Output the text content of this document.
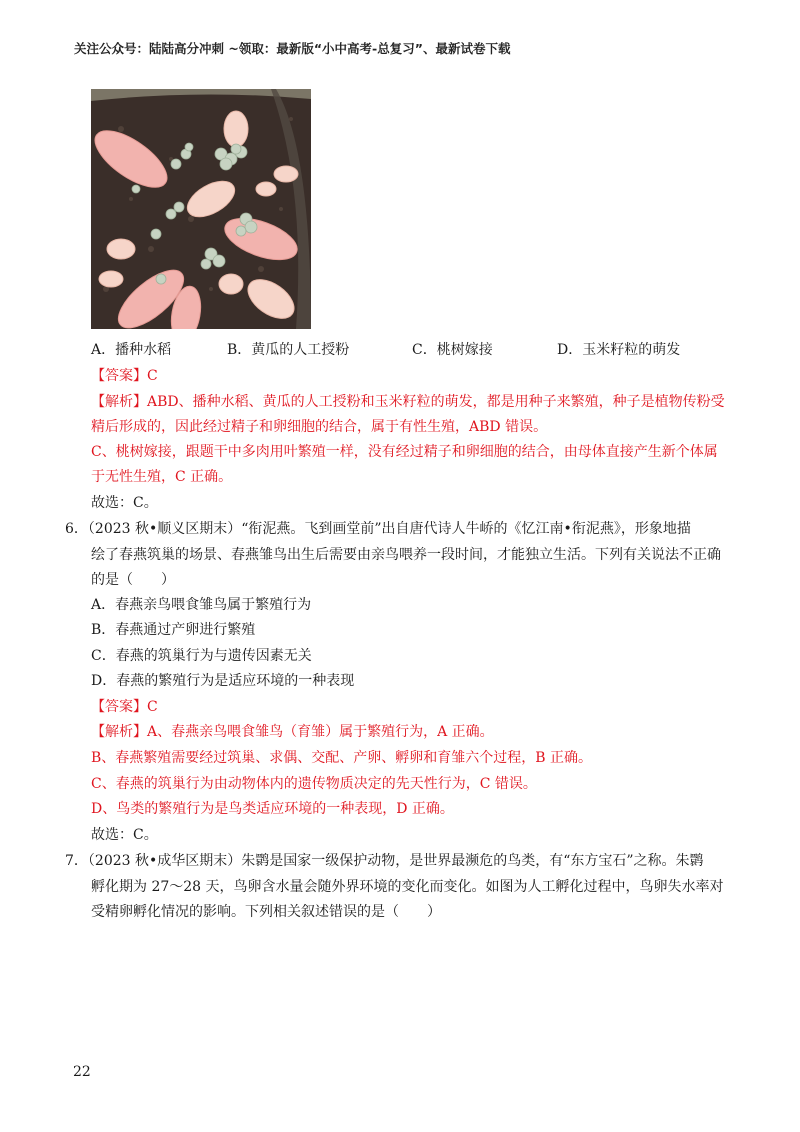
关注公众号：陆陆高分冲刺 ~领取：最新版“小中高考-总复习”、最新试卷下载
A．播种水稻	B．黄瓜的人工授粉	C．桃树嫁接	D．玉米籽粒的萌发
【答案】C
【解析】ABD、播种水稻、黄瓜的人工授粉和玉米籽粒的萌发，都是用种子来繁殖，种子是植物传粉受
精后形成的，因此经过精子和卵细胞的结合，属于有性生殖，ABD 错误。
C、桃树嫁接，跟题干中多肉用叶繁殖一样，没有经过精子和卵细胞的结合，由母体直接产生新个体属
于无性生殖，C 正确。
故选：C。
6．（2023 秋•顺义区期末）“衔泥燕。飞到画堂前”出自唐代诗人牛峤的《忆江南•衔泥燕》，形象地描
绘了春燕筑巢的场景、春燕雏鸟出生后需要由亲鸟喂养一段时间，才能独立生活。下列有关说法不正确
的是（　　）
A．春燕亲鸟喂食雏鸟属于繁殖行为
B．春燕通过产卵进行繁殖
C．春燕的筑巢行为与遗传因素无关
D．春燕的繁殖行为是适应环境的一种表现
【答案】C
【解析】A、春燕亲鸟喂食雏鸟（育雏）属于繁殖行为，A 正确。
B、春燕繁殖需要经过筑巢、求偶、交配、产卵、孵卵和育雏六个过程，B 正确。
C、春燕的筑巢行为由动物体内的遗传物质决定的先天性行为，C 错误。
D、鸟类的繁殖行为是鸟类适应环境的一种表现，D 正确。
故选：C。
7．（2023 秋•成华区期末）朱鹮是国家一级保护动物，是世界最濒危的鸟类，有“东方宝石”之称。朱鹮
孵化期为 27～28 天，鸟卵含水量会随外界环境的变化而变化。如图为人工孵化过程中，鸟卵失水率对
受精卵孵化情况的影响。下列相关叙述错误的是（　　）
22
